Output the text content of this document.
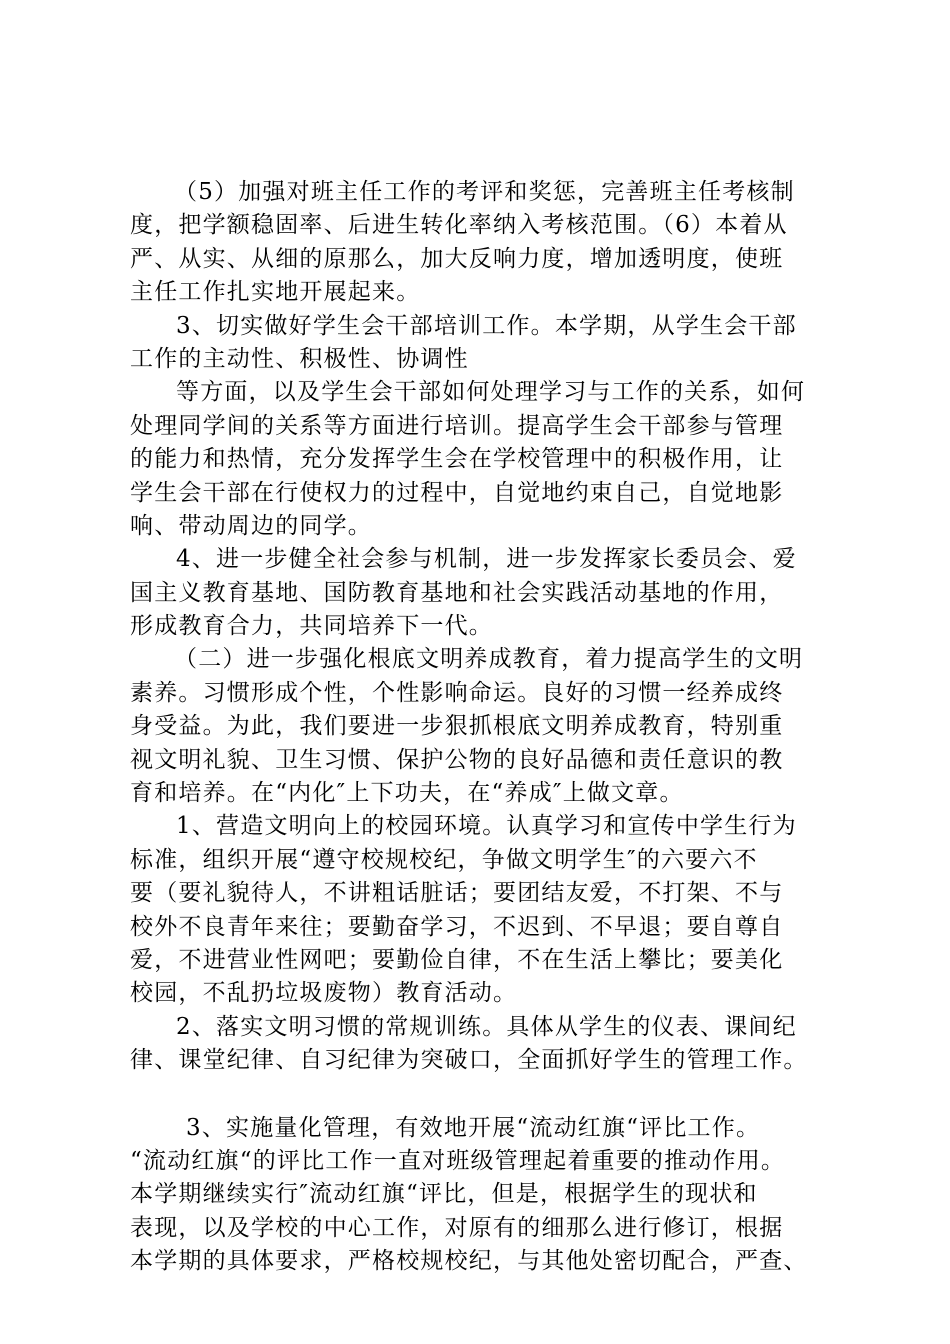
（5）加强对班主任工作的考评和奖惩，完善班主任考核制
度，把学额稳固率、后进生转化率纳入考核范围。（6）本着从
严、从实、从细的原那么，加大反响力度，增加透明度，使班
主任工作扎实地开展起来。
3、切实做好学生会干部培训工作。本学期，从学生会干部
工作的主动性、积极性、协调性
等方面，以及学生会干部如何处理学习与工作的关系，如何
处理同学间的关系等方面进行培训。提高学生会干部参与管理
的能力和热情，充分发挥学生会在学校管理中的积极作用，让
学生会干部在行使权力的过程中，自觉地约束自己，自觉地影
响、带动周边的同学。
4、进一步健全社会参与机制，进一步发挥家长委员会、爱
国主义教育基地、国防教育基地和社会实践活动基地的作用，
形成教育合力，共同培养下一代。
（二）进一步强化根底文明养成教育，着力提高学生的文明
素养。习惯形成个性，个性影响命运。良好的习惯一经养成终
身受益。为此，我们要进一步狠抓根底文明养成教育，特别重
视文明礼貌、卫生习惯、保护公物的良好品德和责任意识的教
育和培养。在“内化″上下功夫，在“养成″上做文章。
1、营造文明向上的校园环境。认真学习和宣传中学生行为
标准，组织开展“遵守校规校纪，争做文明学生″的六要六不
要（要礼貌待人，不讲粗话脏话；要团结友爱，不打架、不与
校外不良青年来往；要勤奋学习，不迟到、不早退；要自尊自
爱，不进营业性网吧；要勤俭自律，不在生活上攀比；要美化
校园，不乱扔垃圾废物）教育活动。
2、落实文明习惯的常规训练。具体从学生的仪表、课间纪
律、课堂纪律、自习纪律为突破口，全面抓好学生的管理工作。
3、实施量化管理，有效地开展“流动红旗“评比工作。
“流动红旗“的评比工作一直对班级管理起着重要的推动作用。
本学期继续实行″流动红旗“评比，但是，根据学生的现状和
表现，以及学校的中心工作，对原有的细那么进行修订，根据
本学期的具体要求，严格校规校纪，与其他处密切配合，严查、
